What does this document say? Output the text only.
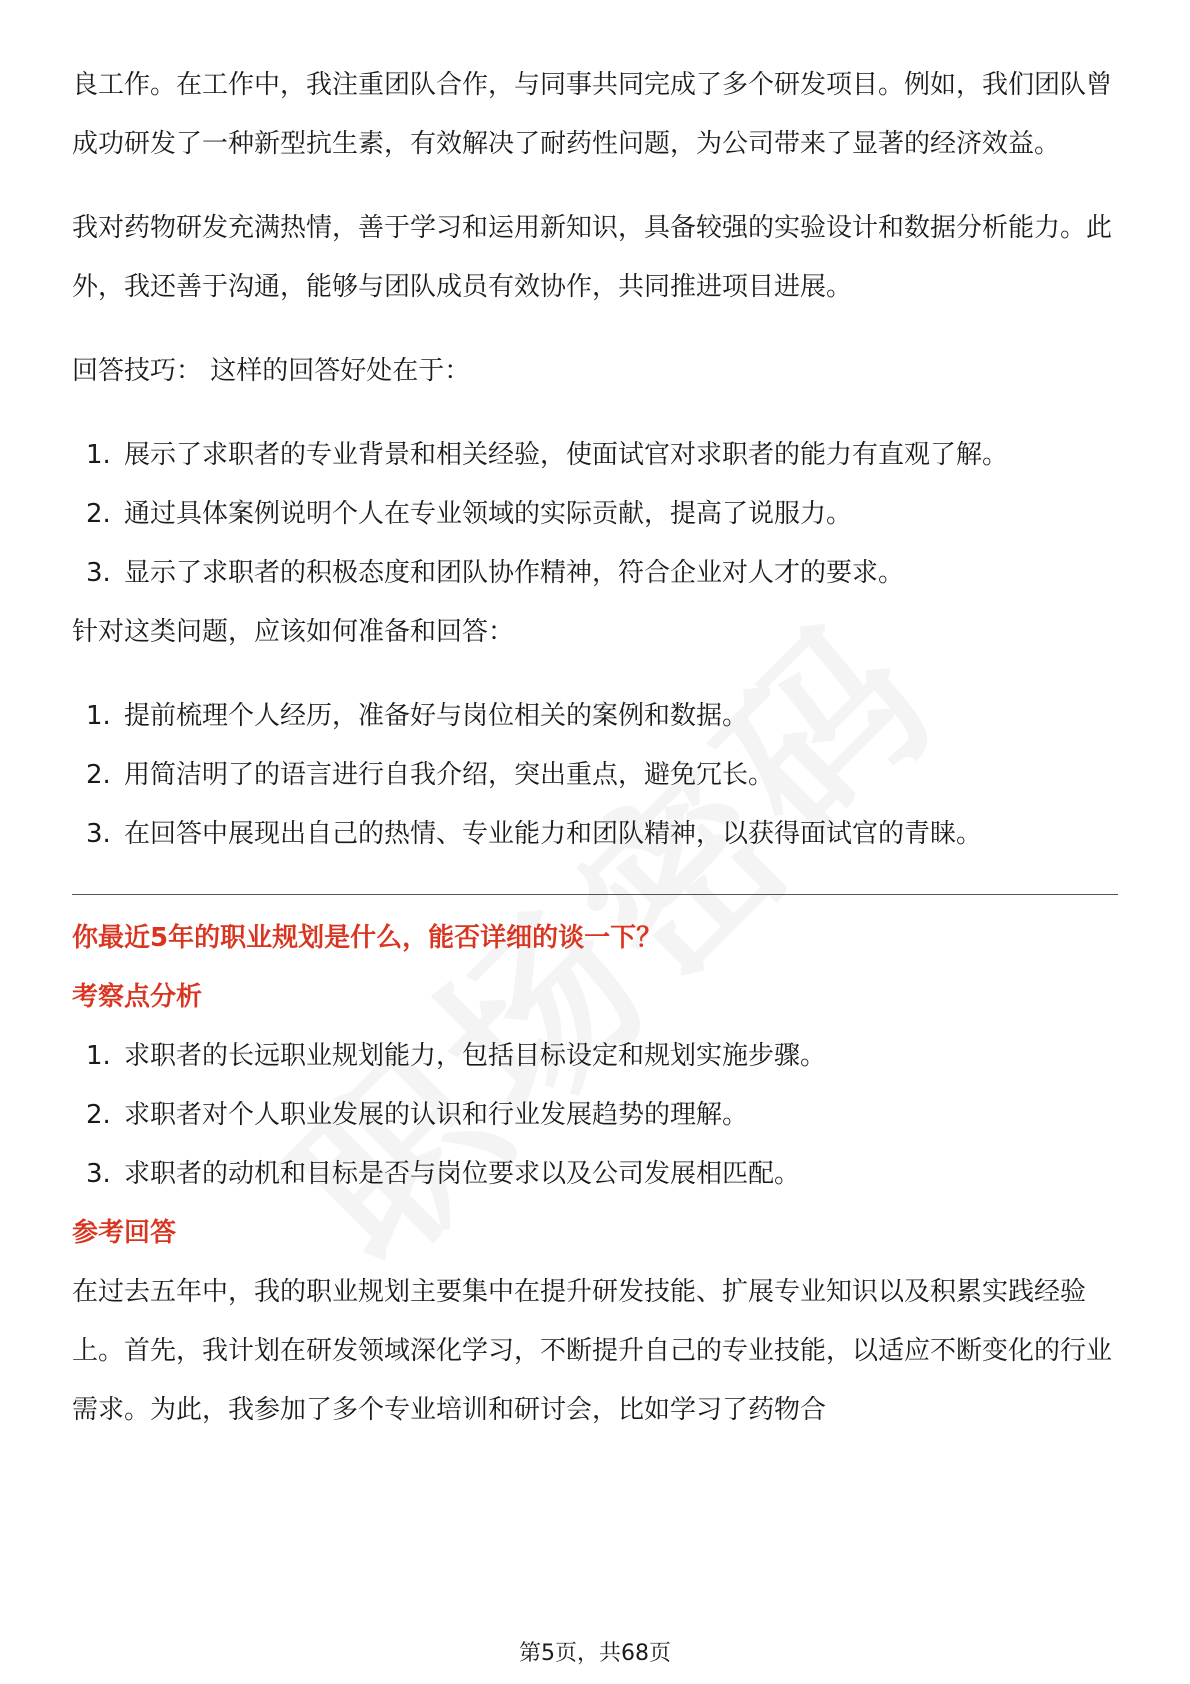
良工作。在工作中，我注重团队合作，与同事共同完成了多个研发项目。例如，我们团队曾成功研发了一种新型抗生素，有效解决了耐药性问题，为公司带来了显著的经济效益。

我对药物研发充满热情，善于学习和运用新知识，具备较强的实验设计和数据分析能力。此外，我还善于沟通，能够与团队成员有效协作，共同推进项目进展。

回答技巧： 这样的回答好处在于：

1. 展示了求职者的专业背景和相关经验，使面试官对求职者的能力有直观了解。
2. 通过具体案例说明个人在专业领域的实际贡献，提高了说服力。
3. 显示了求职者的积极态度和团队协作精神，符合企业对人才的要求。

针对这类问题，应该如何准备和回答：

1. 提前梳理个人经历，准备好与岗位相关的案例和数据。
2. 用简洁明了的语言进行自我介绍，突出重点，避免冗长。
3. 在回答中展现出自己的热情、专业能力和团队精神，以获得面试官的青睐。

你最近5年的职业规划是什么，能否详细的谈一下？

考察点分析

1. 求职者的长远职业规划能力，包括目标设定和规划实施步骤。
2. 求职者对个人职业发展的认识和行业发展趋势的理解。
3. 求职者的动机和目标是否与岗位要求以及公司发展相匹配。

参考回答

在过去五年中，我的职业规划主要集中在提升研发技能、扩展专业知识以及积累实践经验上。首先，我计划在研发领域深化学习，不断提升自己的专业技能，以适应不断变化的行业需求。为此，我参加了多个专业培训和研讨会，比如学习了药物合

第5页，共68页
